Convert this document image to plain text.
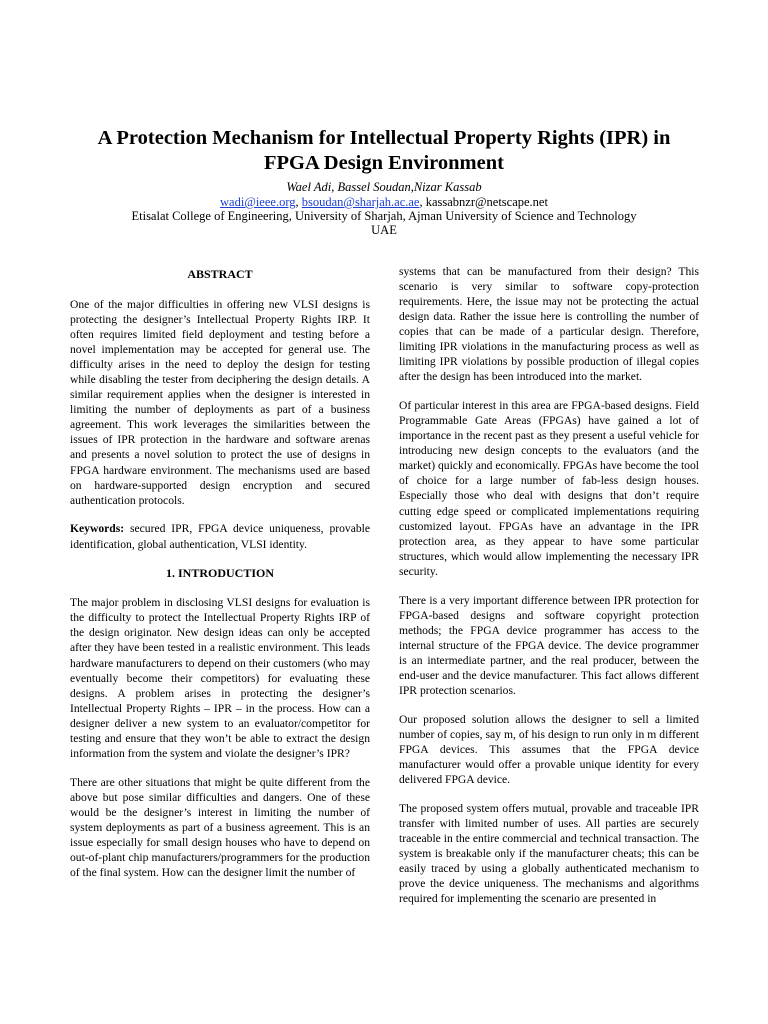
A Protection Mechanism for Intellectual Property Rights (IPR) in
FPGA Design Environment
Wael Adi, Bassel Soudan,Nizar Kassab
wadi@ieee.org, bsoudan@sharjah.ac.ae, kassabnzr@netscape.net
Etisalat College of Engineering, University of Sharjah, Ajman University of Science and Technology
UAE
ABSTRACT

One of the major difficulties in offering new VLSI designs is protecting the designer’s Intellectual Property Rights IRP. It often requires limited field deployment and testing before a novel implementation may be accepted for general use. The difficulty arises in the need to deploy the design for testing while disabling the tester from deciphering the design details. A similar requirement applies when the designer is interested in limiting the number of deployments as part of a business agreement. This work leverages the similarities between the issues of IPR protection in the hardware and software arenas and presents a novel solution to protect the use of designs in FPGA hardware environment. The mechanisms used are based on hardware-supported design encryption and secured authentication protocols.

Keywords: secured IPR, FPGA device uniqueness, provable identification, global authentication, VLSI identity.

1. INTRODUCTION

The major problem in disclosing VLSI designs for evaluation is the difficulty to protect the Intellectual Property Rights IRP of the design originator. New design ideas can only be accepted after they have been tested in a realistic environment. This leads hardware manufacturers to depend on their customers (who may eventually become their competitors) for evaluating these designs. A problem arises in protecting the designer’s Intellectual Property Rights – IPR – in the process. How can a designer deliver a new system to an evaluator/competitor for testing and ensure that they won’t be able to extract the design information from the system and violate the designer’s IPR?

There are other situations that might be quite different from the above but pose similar difficulties and dangers. One of these would be the designer’s interest in limiting the number of system deployments as part of a business agreement. This is an issue especially for small design houses who have to depend on out-of-plant chip manufacturers/programmers for the production of the final system. How can the designer limit the number of

systems that can be manufactured from their design? This scenario is very similar to software copy-protection requirements. Here, the issue may not be protecting the actual design data. Rather the issue here is controlling the number of copies that can be made of a particular design. Therefore, limiting IPR violations in the manufacturing process as well as limiting IPR violations by possible production of illegal copies after the design has been introduced into the market.

Of particular interest in this area are FPGA-based designs. Field Programmable Gate Areas (FPGAs) have gained a lot of importance in the recent past as they present a useful vehicle for introducing new design concepts to the evaluators (and the market) quickly and economically. FPGAs have become the tool of choice for a large number of fab-less design houses. Especially those who deal with designs that don’t require cutting edge speed or complicated implementations requiring customized layout. FPGAs have an advantage in the IPR protection area, as they appear to have some particular structures, which would allow implementing the necessary IPR security.

There is a very important difference between IPR protection for FPGA-based designs and software copyright protection methods; the FPGA device programmer has access to the internal structure of the FPGA device. The device programmer is an intermediate partner, and the real producer, between the end-user and the device manufacturer. This fact allows different IPR protection scenarios.

Our proposed solution allows the designer to sell a limited number of copies, say m, of his design to run only in m different FPGA devices. This assumes that the FPGA device manufacturer would offer a provable unique identity for every delivered FPGA device.

The proposed system offers mutual, provable and traceable IPR transfer with limited number of uses. All parties are securely traceable in the entire commercial and technical transaction. The system is breakable only if the manufacturer cheats; this can be easily traced by using a globally authenticated mechanism to prove the device uniqueness. The mechanisms and algorithms required for implementing the scenario are presented in
